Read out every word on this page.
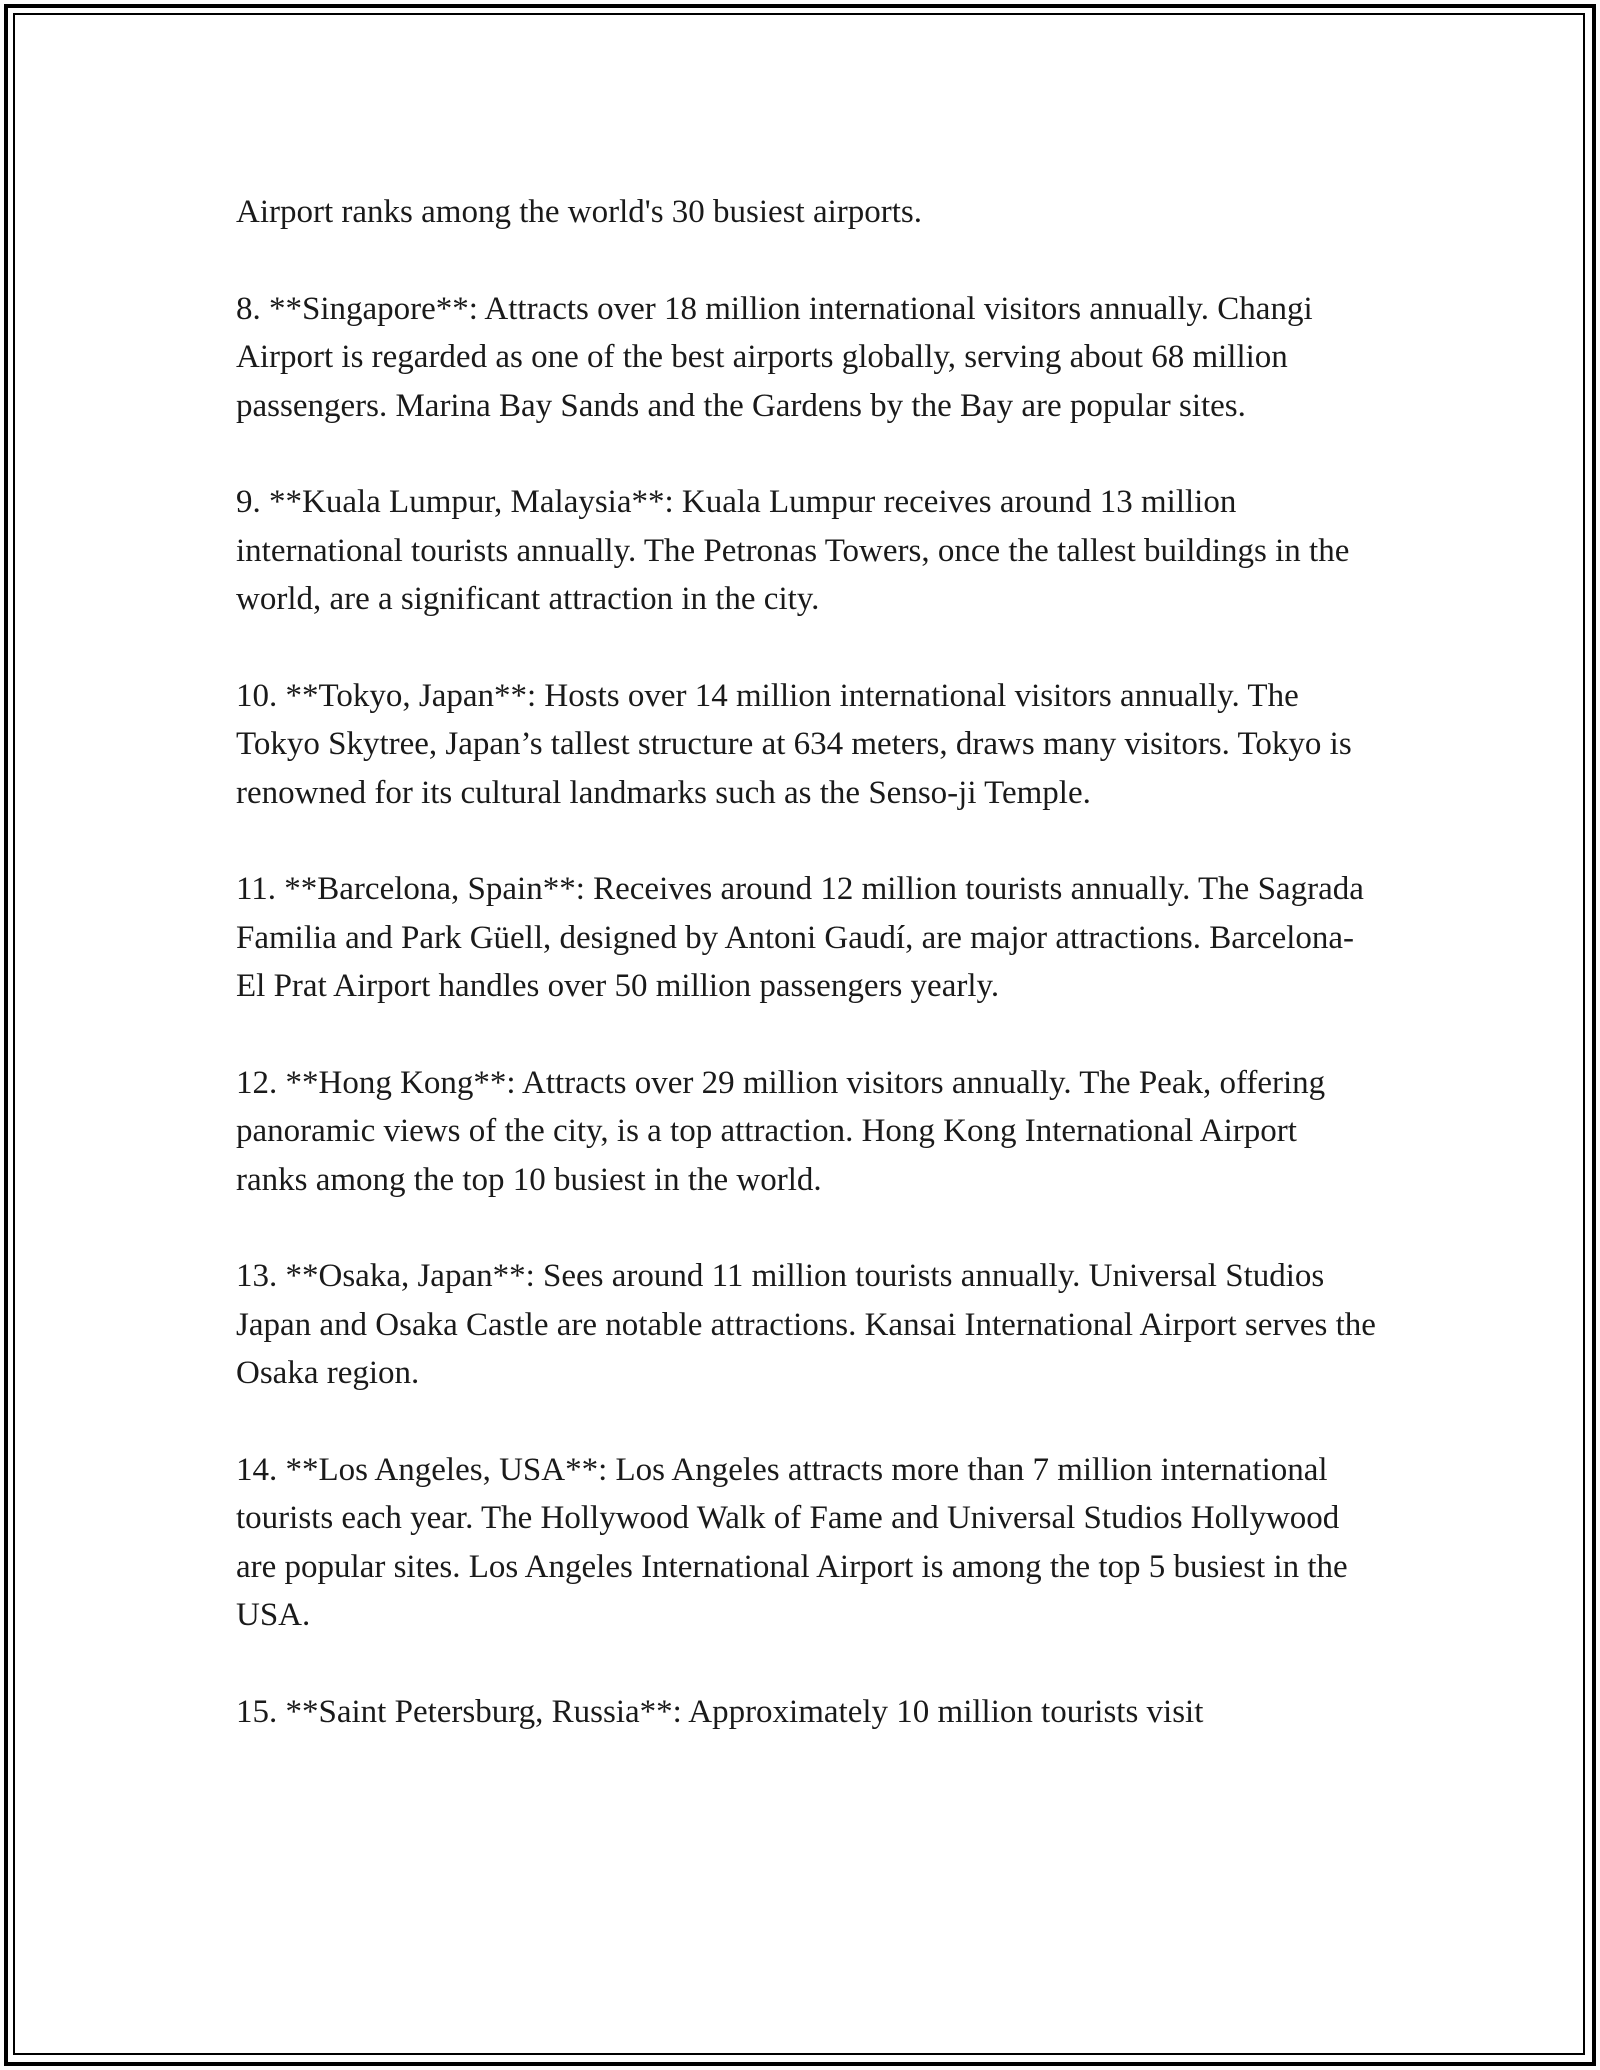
Airport ranks among the world's 30 busiest airports.

8. **Singapore**: Attracts over 18 million international visitors annually. Changi Airport is regarded as one of the best airports globally, serving about 68 million passengers. Marina Bay Sands and the Gardens by the Bay are popular sites.

9. **Kuala Lumpur, Malaysia**: Kuala Lumpur receives around 13 million international tourists annually. The Petronas Towers, once the tallest buildings in the world, are a significant attraction in the city.

10. **Tokyo, Japan**: Hosts over 14 million international visitors annually. The Tokyo Skytree, Japan’s tallest structure at 634 meters, draws many visitors. Tokyo is renowned for its cultural landmarks such as the Senso-ji Temple.

11. **Barcelona, Spain**: Receives around 12 million tourists annually. The Sagrada Familia and Park Güell, designed by Antoni Gaudí, are major attractions. Barcelona-El Prat Airport handles over 50 million passengers yearly.

12. **Hong Kong**: Attracts over 29 million visitors annually. The Peak, offering panoramic views of the city, is a top attraction. Hong Kong International Airport ranks among the top 10 busiest in the world.

13. **Osaka, Japan**: Sees around 11 million tourists annually. Universal Studios Japan and Osaka Castle are notable attractions. Kansai International Airport serves the Osaka region.

14. **Los Angeles, USA**: Los Angeles attracts more than 7 million international tourists each year. The Hollywood Walk of Fame and Universal Studios Hollywood are popular sites. Los Angeles International Airport is among the top 5 busiest in the USA.

15. **Saint Petersburg, Russia**: Approximately 10 million tourists visit
